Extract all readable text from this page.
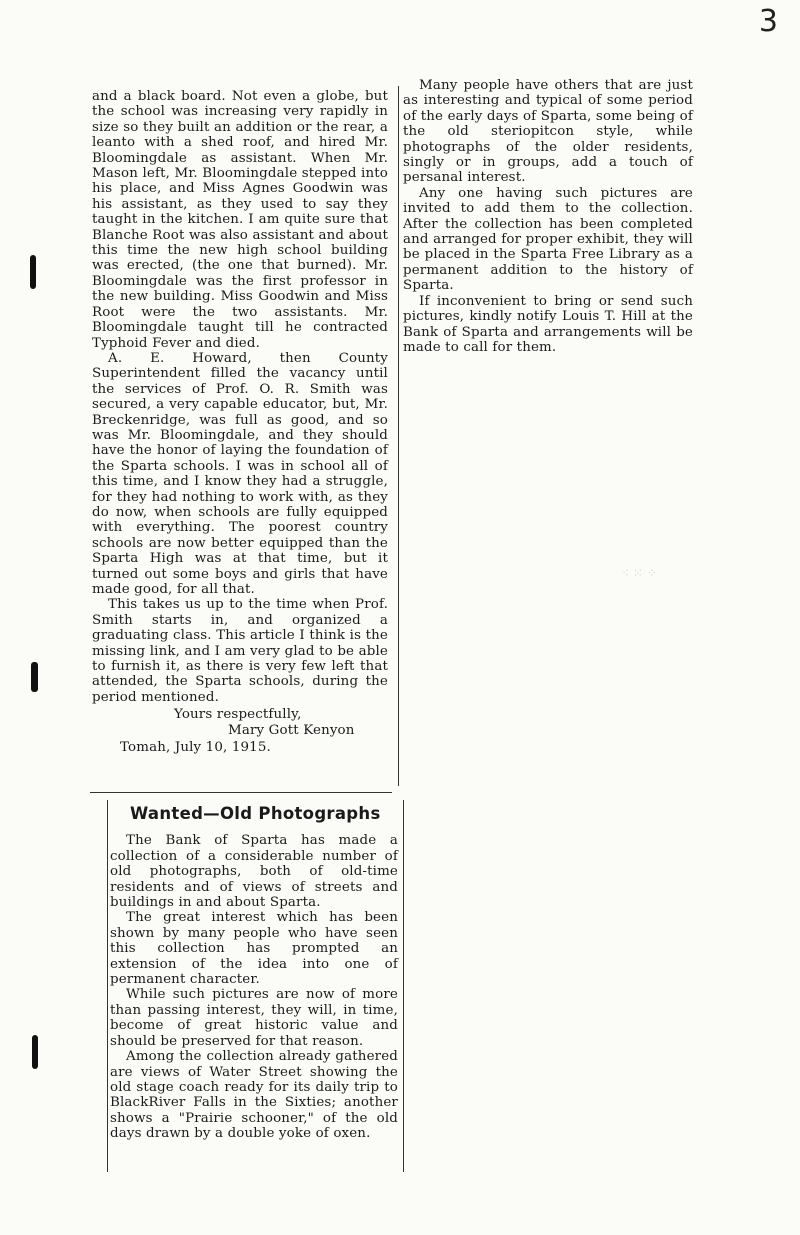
3

and a black board. Not even a globe, but the school was increasing very rapidly in size so they built an addition or the rear, a leanto with a shed roof, and hired Mr. Bloomingdale as assistant. When Mr. Mason left, Mr. Bloomingdale stepped into his place, and Miss Agnes Goodwin was his assistant, as they used to say they taught in the kitchen. I am quite sure that Blanche Root was also assistant and about this time the new high school building was erected, (the one that burned). Mr. Bloomingdale was the first professor in the new building. Miss Goodwin and Miss Root were the two assistants. Mr. Bloomingdale taught till he contracted Typhoid Fever and died.

A. E. Howard, then County Superintendent filled the vacancy until the services of Prof. O. R. Smith was secured, a very capable educator, but, Mr. Breckenridge, was full as good, and so was Mr. Bloomingdale, and they should have the honor of laying the foundation of the Sparta schools. I was in school all of this time, and I know they had a struggle, for they had nothing to work with, as they do now, when schools are fully equipped with everything. The poorest country schools are now better equipped than the Sparta High was at that time, but it turned out some boys and girls that have made good, for all that.

This takes us up to the time when Prof. Smith starts in, and organized a graduating class. This article I think is the missing link, and I am very glad to be able to furnish it, as there is very few left that attended, the Sparta schools, during the period mentioned.

Yours respectfully,
Mary Gott Kenyon
Tomah, July 10, 1915.
Wanted—Old Photographs

The Bank of Sparta has made a collection of a considerable number of old photographs, both of old-time residents and of views of streets and buildings in and about Sparta.

The great interest which has been shown by many people who have seen this collection has prompted an extension of the idea into one of permanent character.

While such pictures are now of more than passing interest, they will, in time, become of great historic value and should be preserved for that reason.

Among the collection already gathered are views of Water Street showing the old stage coach ready for its daily trip to BlackRiver Falls in the Sixties; another shows a "Prairie schooner," of the old days drawn by a double yoke of oxen.

Many people have others that are just as interesting and typical of some period of the early days of Sparta, some being of the old steriopitcon style, while photographs of the older residents, singly or in groups, add a touch of persanal interest.

Any one having such pictures are invited to add them to the collection. After the collection has been completed and arranged for proper exhibit, they will be placed in the Sparta Free Library as a permanent addition to the history of Sparta.

If inconvenient to bring or send such pictures, kindly notify Louis T. Hill at the Bank of Sparta and arrangements will be made to call for them.

⁖ ⁙ ⁘
